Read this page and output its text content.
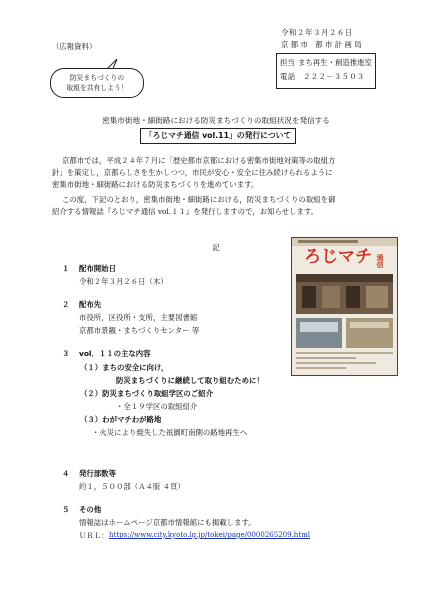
（広報資料）
令和２年３月２６日
京 都 市　都 市 計 画 局
担当 まち再生・創造推進室
電話　２２２－３５０３
防災まちづくりの
取組を共有しよう！
密集市街地・細街路における防災まちづくりの取組状況を発信する
「ろじマチ通信 vol.11」の発行について
京都市では，平成２４年７月に「歴史都市京都における密集市街地対策等の取組方
針」を策定し，京都らしさを生かしつつ，市民が安心・安全に住み続けられるように
密集市街地・細街路における防災まちづくりを進めています。
この度，下記のとおり，密集市街地・細街路における，防災まちづくりの取組を御
紹介する情報誌『ろじマチ通信 vol.１１』を発行しますので，お知らせします。
記
１ 配布開始日
令和２年３月２６日（木）
２ 配布先
市役所，区役所・支所，主要図書館
京都市景観・まちづくりセンター 等
３ vol．１１の主な内容
（１）まちの安全に向け，
防災まちづくりに継続して取り組むために！
（２）防災まちづくり取組学区のご紹介
・全１９学区の取組紹介
（３）わがマチわが路地
・火災により焼失した祇園町南側の路地再生へ
４ 発行部数等
約１，５００部（Ａ４版 ４頁）
５ その他
情報誌はホームページ京都市情報館にも掲載します。
ＵＲＬ： https://www.city.kyoto.lg.jp/tokei/page/0000265209.html
ろじマチ 通信
